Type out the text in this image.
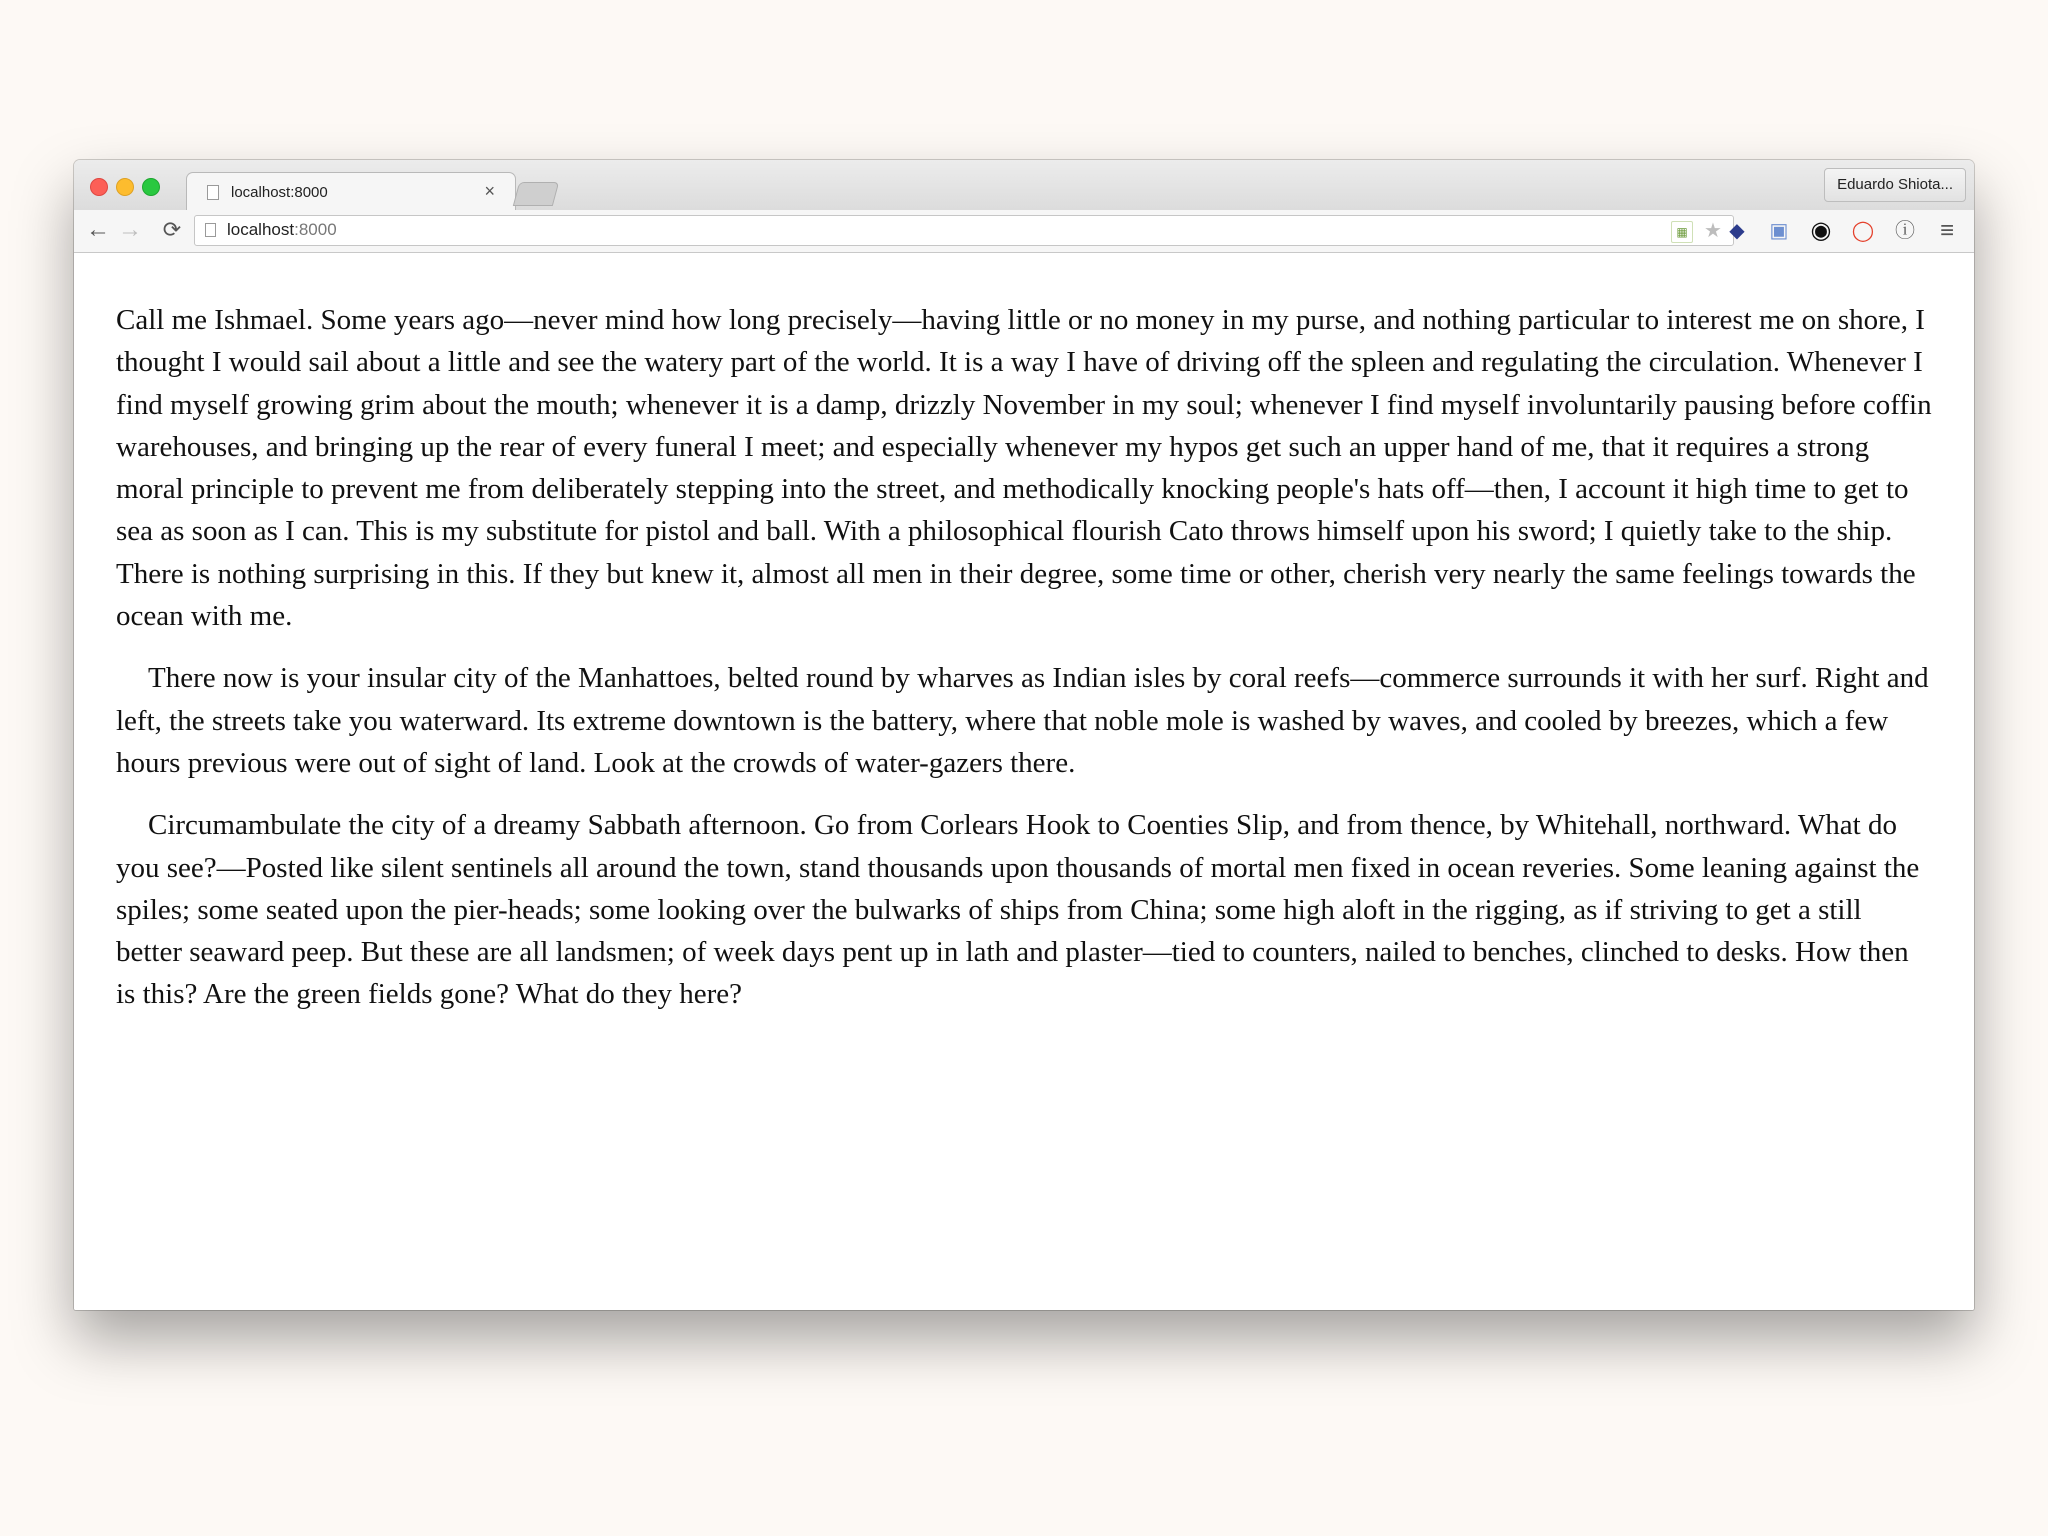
localhost:8000	×	Eduardo Shiota...
← → ⟳	localhost:8000	▦ ★ ◆ ▣ ◉ ◯ ⓘ ≡

Call me Ishmael. Some years ago—never mind how long precisely—having little or no money in my purse, and nothing particular to interest me on shore, I thought I would sail about a little and see the watery part of the world. It is a way I have of driving off the spleen and regulating the circulation. Whenever I find myself growing grim about the mouth; whenever it is a damp, drizzly November in my soul; whenever I find myself involuntarily pausing before coffin warehouses, and bringing up the rear of every funeral I meet; and especially whenever my hypos get such an upper hand of me, that it requires a strong moral principle to prevent me from deliberately stepping into the street, and methodically knocking people's hats off—then, I account it high time to get to sea as soon as I can. This is my substitute for pistol and ball. With a philosophical flourish Cato throws himself upon his sword; I quietly take to the ship. There is nothing surprising in this. If they but knew it, almost all men in their degree, some time or other, cherish very nearly the same feelings towards the ocean with me.

There now is your insular city of the Manhattoes, belted round by wharves as Indian isles by coral reefs—commerce surrounds it with her surf. Right and left, the streets take you waterward. Its extreme downtown is the battery, where that noble mole is washed by waves, and cooled by breezes, which a few hours previous were out of sight of land. Look at the crowds of water-gazers there.

Circumambulate the city of a dreamy Sabbath afternoon. Go from Corlears Hook to Coenties Slip, and from thence, by Whitehall, northward. What do you see?—Posted like silent sentinels all around the town, stand thousands upon thousands of mortal men fixed in ocean reveries. Some leaning against the spiles; some seated upon the pier-heads; some looking over the bulwarks of ships from China; some high aloft in the rigging, as if striving to get a still better seaward peep. But these are all landsmen; of week days pent up in lath and plaster—tied to counters, nailed to benches, clinched to desks. How then is this? Are the green fields gone? What do they here?
